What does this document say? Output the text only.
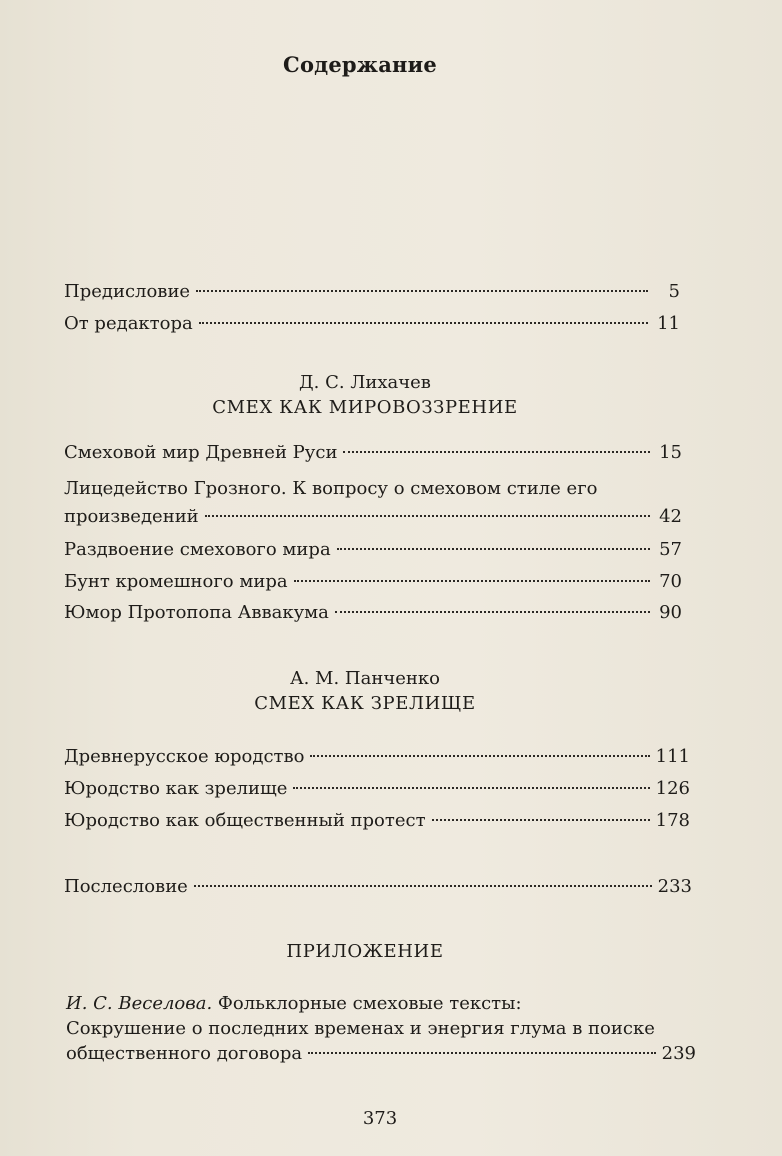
Содержание
Предисловие	5
От редактора	11
Д. С. Лихачев
СМЕХ КАК МИРОВОЗЗРЕНИЕ
Смеховой мир Древней Руси	15
Лицедейство Грозного. К вопросу о смеховом стиле его
произведений	42
Раздвоение смехового мира	57
Бунт кромешного мира	70
Юмор Протопопа Аввакума	90
А. М. Панченко
СМЕХ КАК ЗРЕЛИЩЕ
Древнерусское юродство	111
Юродство как зрелище	126
Юродство как общественный протест	178
Послесловие	233
ПРИЛОЖЕНИЕ
И. С. Веселова. Фольклорные смеховые тексты:
Сокрушение о последних временах и энергия глума в поиске
общественного договора	239
373
